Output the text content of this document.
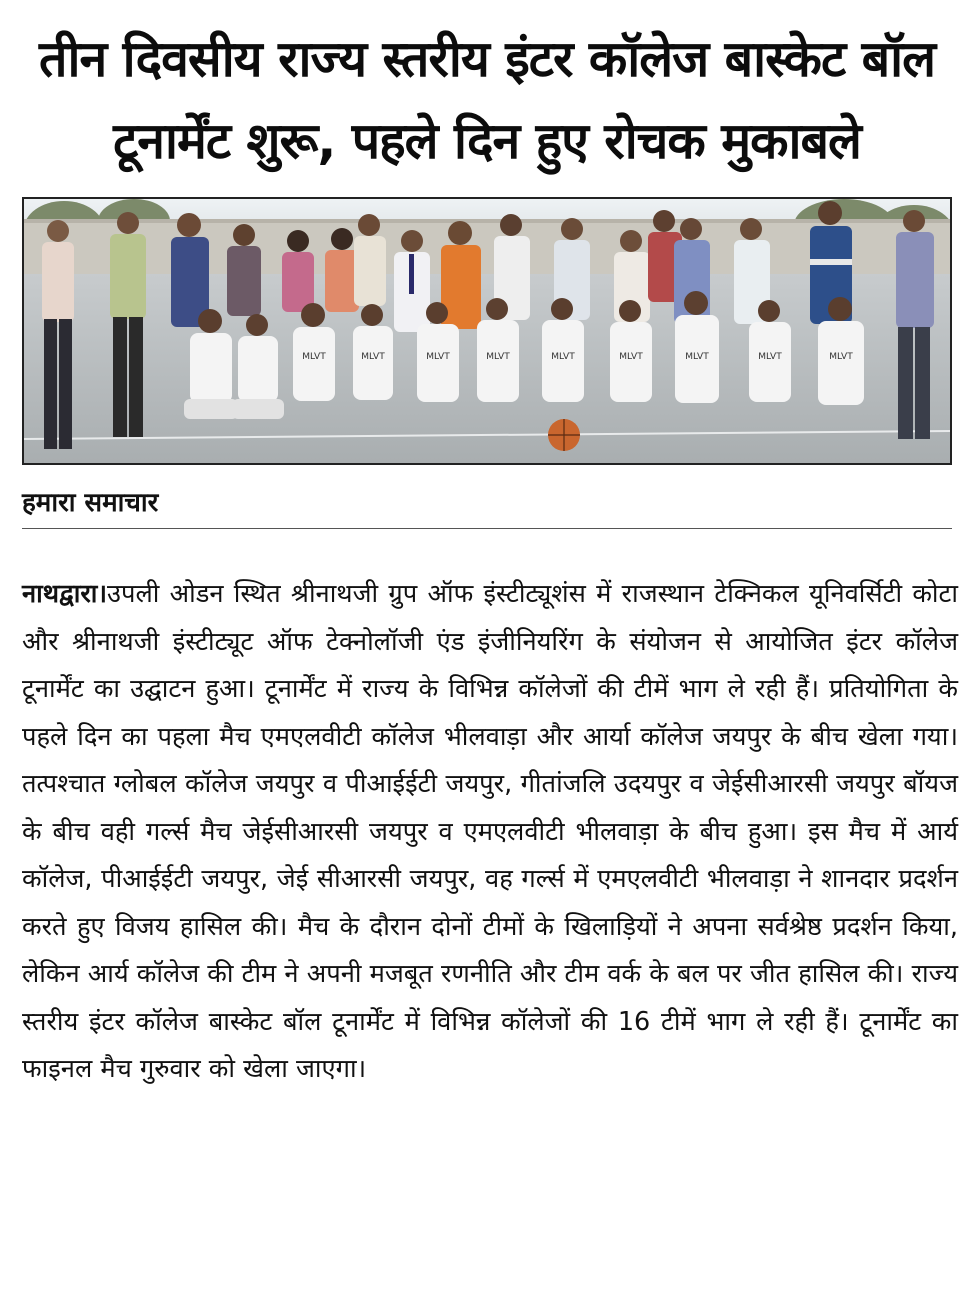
तीन दिवसीय राज्य स्तरीय इंटर कॉलेज बास्केट बॉल टूनार्मेंट शुरू, पहले दिन हुए रोचक मुकाबले
MLVT	MLVT	MLVT	MLVT	MLVT	MLVT	MLVT	MLVT	MLVT
हमारा समाचार

नाथद्वारा।उपली ओडन स्थित श्रीनाथजी ग्रुप ऑफ इंस्टीट्यूशंस में राजस्थान टेक्निकल यूनिवर्सिटी कोटा और श्रीनाथजी इंस्टीट्यूट ऑफ टेक्नोलॉजी एंड इंजीनियरिंग के संयोजन से आयोजित इंटर कॉलेज टूनार्मेंट का उद्घाटन हुआ। टूनार्मेंट में राज्य के विभिन्न कॉलेजों की टीमें भाग ले रही हैं। प्रतियोगिता के पहले दिन का पहला मैच एमएलवीटी कॉलेज भीलवाड़ा और आर्या कॉलेज जयपुर के बीच खेला गया। तत्पश्चात ग्लोबल कॉलेज जयपुर व पीआईईटी जयपुर, गीतांजलि उदयपुर व जेईसीआरसी जयपुर बॉयज के बीच वही गर्ल्स मैच जेईसीआरसी जयपुर व एमएलवीटी भीलवाड़ा के बीच हुआ। इस मैच में आर्य कॉलेज, पीआईईटी जयपुर, जेई सीआरसी जयपुर, वह गर्ल्स में एमएलवीटी भीलवाड़ा ने शानदार प्रदर्शन करते हुए विजय हासिल की। मैच के दौरान दोनों टीमों के खिलाड़ियों ने अपना सर्वश्रेष्ठ प्रदर्शन किया, लेकिन आर्य कॉलेज की टीम ने अपनी मजबूत रणनीति और टीम वर्क के बल पर जीत हासिल की। राज्य स्तरीय इंटर कॉलेज बास्केट बॉल टूनार्मेंट में विभिन्न कॉलेजों की 16 टीमें भाग ले रही हैं। टूनार्मेंट का फाइनल मैच गुरुवार को खेला जाएगा।
